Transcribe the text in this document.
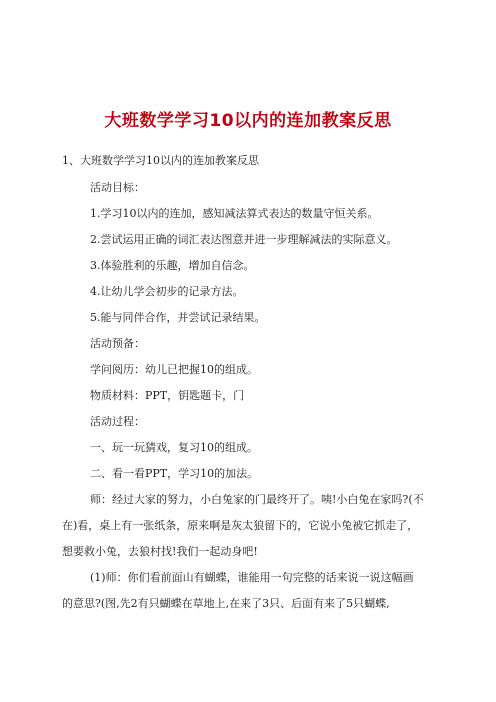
大班数学学习10以内的连加教案反思
1、大班数学学习10以内的连加教案反思
活动目标：
1.学习10以内的连加，感知减法算式表达的数量守恒关系。
2.尝试运用正确的词汇表达图意并进一步理解减法的实际意义。
3.体验胜利的乐趣，增加自信念。
4.让幼儿学会初步的记录方法。
5.能与同伴合作，并尝试记录结果。
活动预备：
学问阅历：幼儿已把握10的组成。
物质材料：PPT，钥匙题卡，门
活动过程：
一、玩一玩猜戏，复习10的组成。
二、看一看PPT，学习10的加法。
师：经过大家的努力，小白兔家的门最终开了。咦!小白兔在家吗?(不
在)看，桌上有一张纸条，原来啊是灰太狼留下的，它说小兔被它抓走了，
想要救小兔，去狼村找!我们一起动身吧!
(1)师：你们看前面山有蝴蝶，谁能用一句完整的话来说一说这幅画
的意思?(图,先2有只蝴蝶在草地上,在来了3只、后面有来了5只蝴蝶,
